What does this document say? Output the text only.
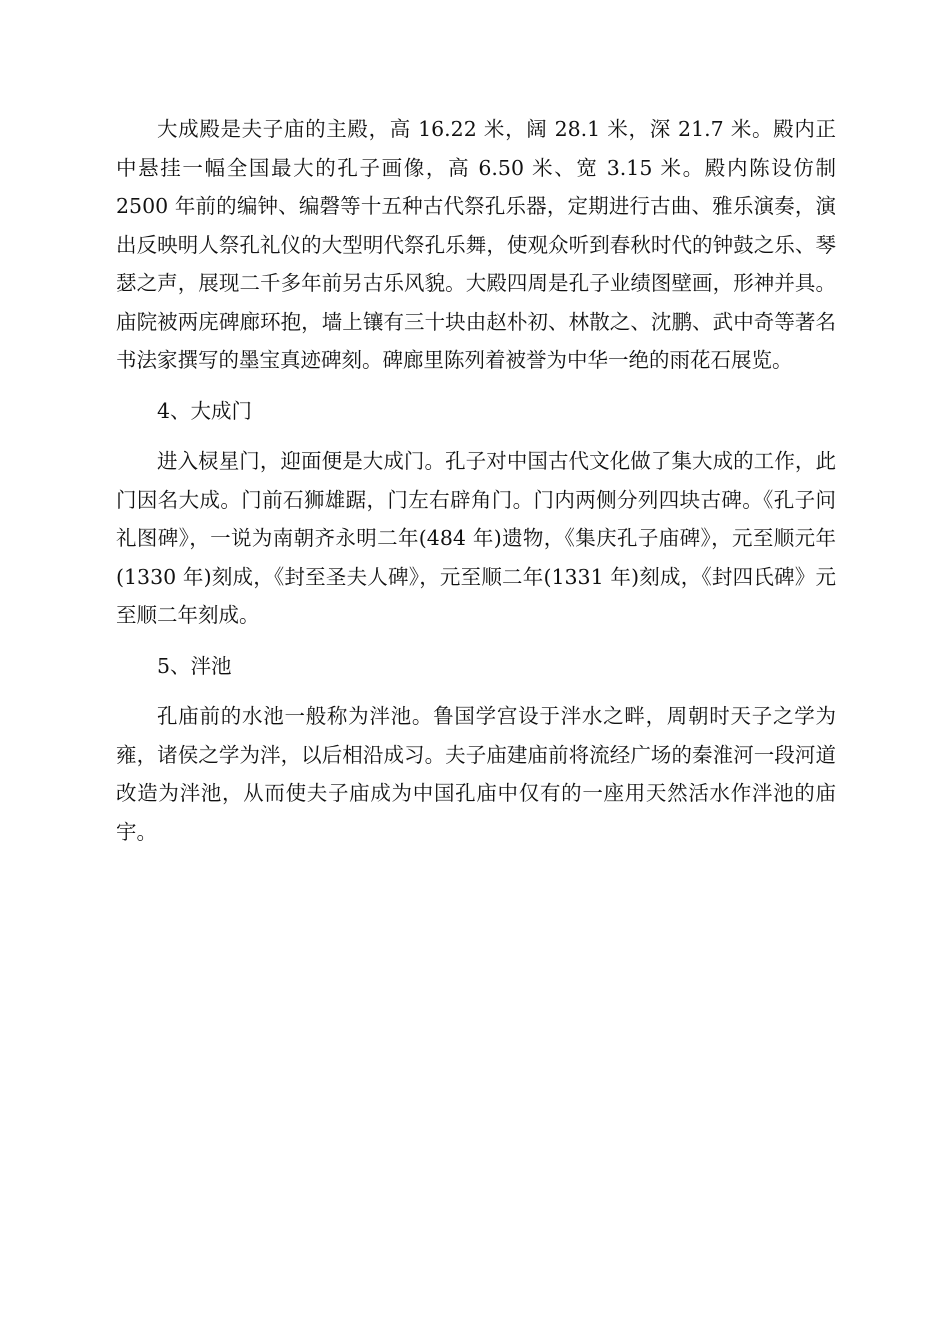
大成殿是夫子庙的主殿，高 16.22 米，阔 28.1 米，深 21.7 米。殿内正中悬挂一幅全国最大的孔子画像，高 6.50 米、宽 3.15 米。殿内陈设仿制 2500 年前的编钟、编磬等十五种古代祭孔乐器，定期进行古曲、雅乐演奏，演出反映明人祭孔礼仪的大型明代祭孔乐舞，使观众听到春秋时代的钟鼓之乐、琴瑟之声，展现二千多年前另古乐风貌。大殿四周是孔子业绩图壁画，形神并具。庙院被两庑碑廊环抱，墙上镶有三十块由赵朴初、林散之、沈鹏、武中奇等著名书法家撰写的墨宝真迹碑刻。碑廊里陈列着被誉为中华一绝的雨花石展览。

4、大成门

进入棂星门，迎面便是大成门。孔子对中国古代文化做了集大成的工作，此门因名大成。门前石狮雄踞，门左右辟角门。门内两侧分列四块古碑。《孔子问礼图碑》，一说为南朝齐永明二年(484 年)遗物，《集庆孔子庙碑》，元至顺元年(1330 年)刻成，《封至圣夫人碑》，元至顺二年(1331 年)刻成，《封四氏碑》元至顺二年刻成。

5、泮池

孔庙前的水池一般称为泮池。鲁国学宫设于泮水之畔，周朝时天子之学为雍，诸侯之学为泮，以后相沿成习。夫子庙建庙前将流经广场的秦淮河一段河道改造为泮池，从而使夫子庙成为中国孔庙中仅有的一座用天然活水作泮池的庙宇。
